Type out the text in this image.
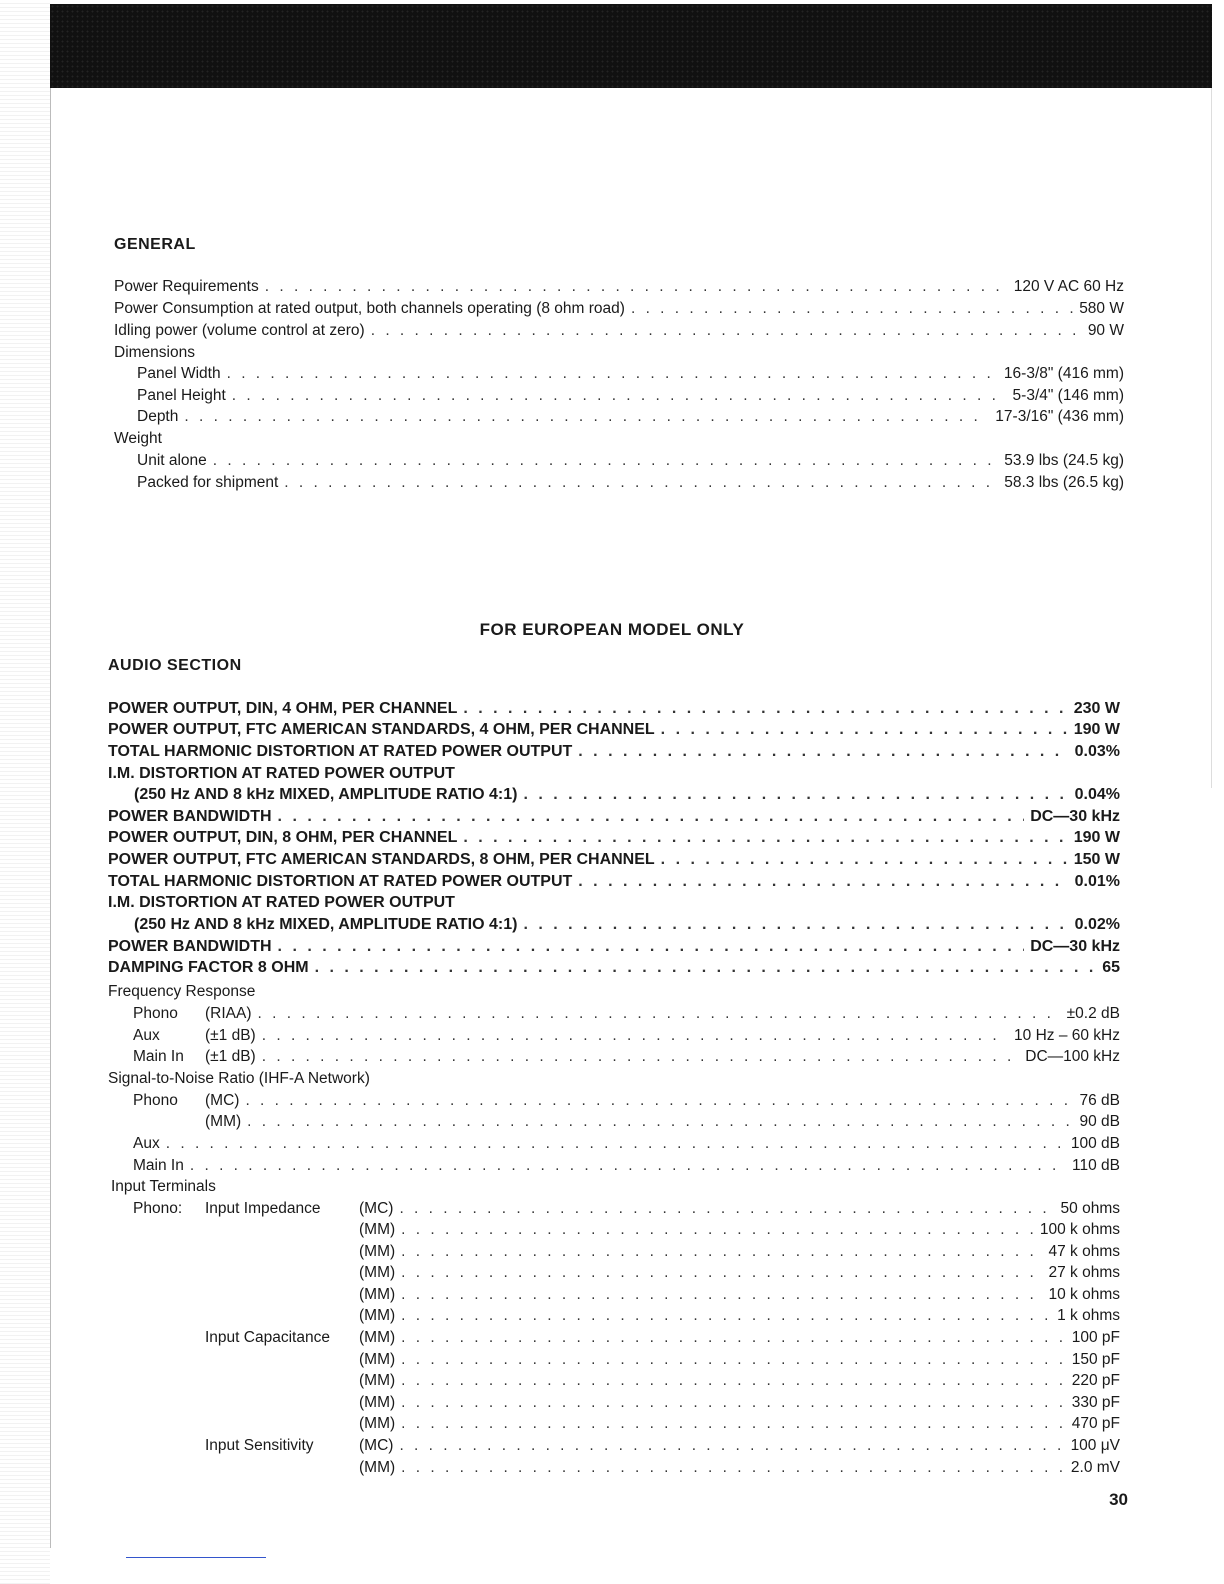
GENERAL
Power Requirements . . .	120 V AC 60 Hz
Power Consumption at rated output, both channels operating (8 ohm road) . . .	580 W
Idling power (volume control at zero) . . .	90 W
Dimensions
Panel Width . . .	16-3/8" (416 mm)
Panel Height . . .	5-3/4" (146 mm)
Depth . . .	17-3/16" (436 mm)
Weight
Unit alone . . .	53.9 lbs (24.5 kg)
Packed for shipment . . .	58.3 lbs (26.5 kg)
FOR EUROPEAN MODEL ONLY
AUDIO SECTION
POWER OUTPUT, DIN, 4 OHM, PER CHANNEL . . .	230 W
POWER OUTPUT, FTC AMERICAN STANDARDS, 4 OHM, PER CHANNEL . . .	190 W
TOTAL HARMONIC DISTORTION AT RATED POWER OUTPUT . . .	0.03%
I.M. DISTORTION AT RATED POWER OUTPUT
(250 Hz AND 8 kHz MIXED, AMPLITUDE RATIO 4:1) . . .	0.04%
POWER BANDWIDTH . . .	DC—30 kHz
POWER OUTPUT, DIN, 8 OHM, PER CHANNEL . . .	190 W
POWER OUTPUT, FTC AMERICAN STANDARDS, 8 OHM, PER CHANNEL . . .	150 W
TOTAL HARMONIC DISTORTION AT RATED POWER OUTPUT . . .	0.01%
I.M. DISTORTION AT RATED POWER OUTPUT
(250 Hz AND 8 kHz MIXED, AMPLITUDE RATIO 4:1) . . .	0.02%
POWER BANDWIDTH . . .	DC—30 kHz
DAMPING FACTOR 8 OHM . . .	65
Frequency Response
Phono	(RIAA) . . .	±0.2 dB
Aux	(±1 dB) . . .	10 Hz – 60 kHz
Main In	(±1 dB) . . .	DC—100 kHz
Signal-to-Noise Ratio (IHF-A Network)
Phono	(MC) . . .	76 dB
(MM) . . .	90 dB
Aux . . .	100 dB
Main In . . .	110 dB
Input Terminals
Phono:	Input Impedance	(MC) . . .	50 ohms
(MM) . . .	100 k ohms
(MM) . . .	47 k ohms
(MM) . . .	27 k ohms
(MM) . . .	10 k ohms
(MM) . . .	1 k ohms
Input Capacitance	(MM) . . .	100 pF
(MM) . . .	150 pF
(MM) . . .	220 pF
(MM) . . .	330 pF
(MM) . . .	470 pF
Input Sensitivity	(MC) . . .	100 μV
(MM) . . .	2.0 mV
30
